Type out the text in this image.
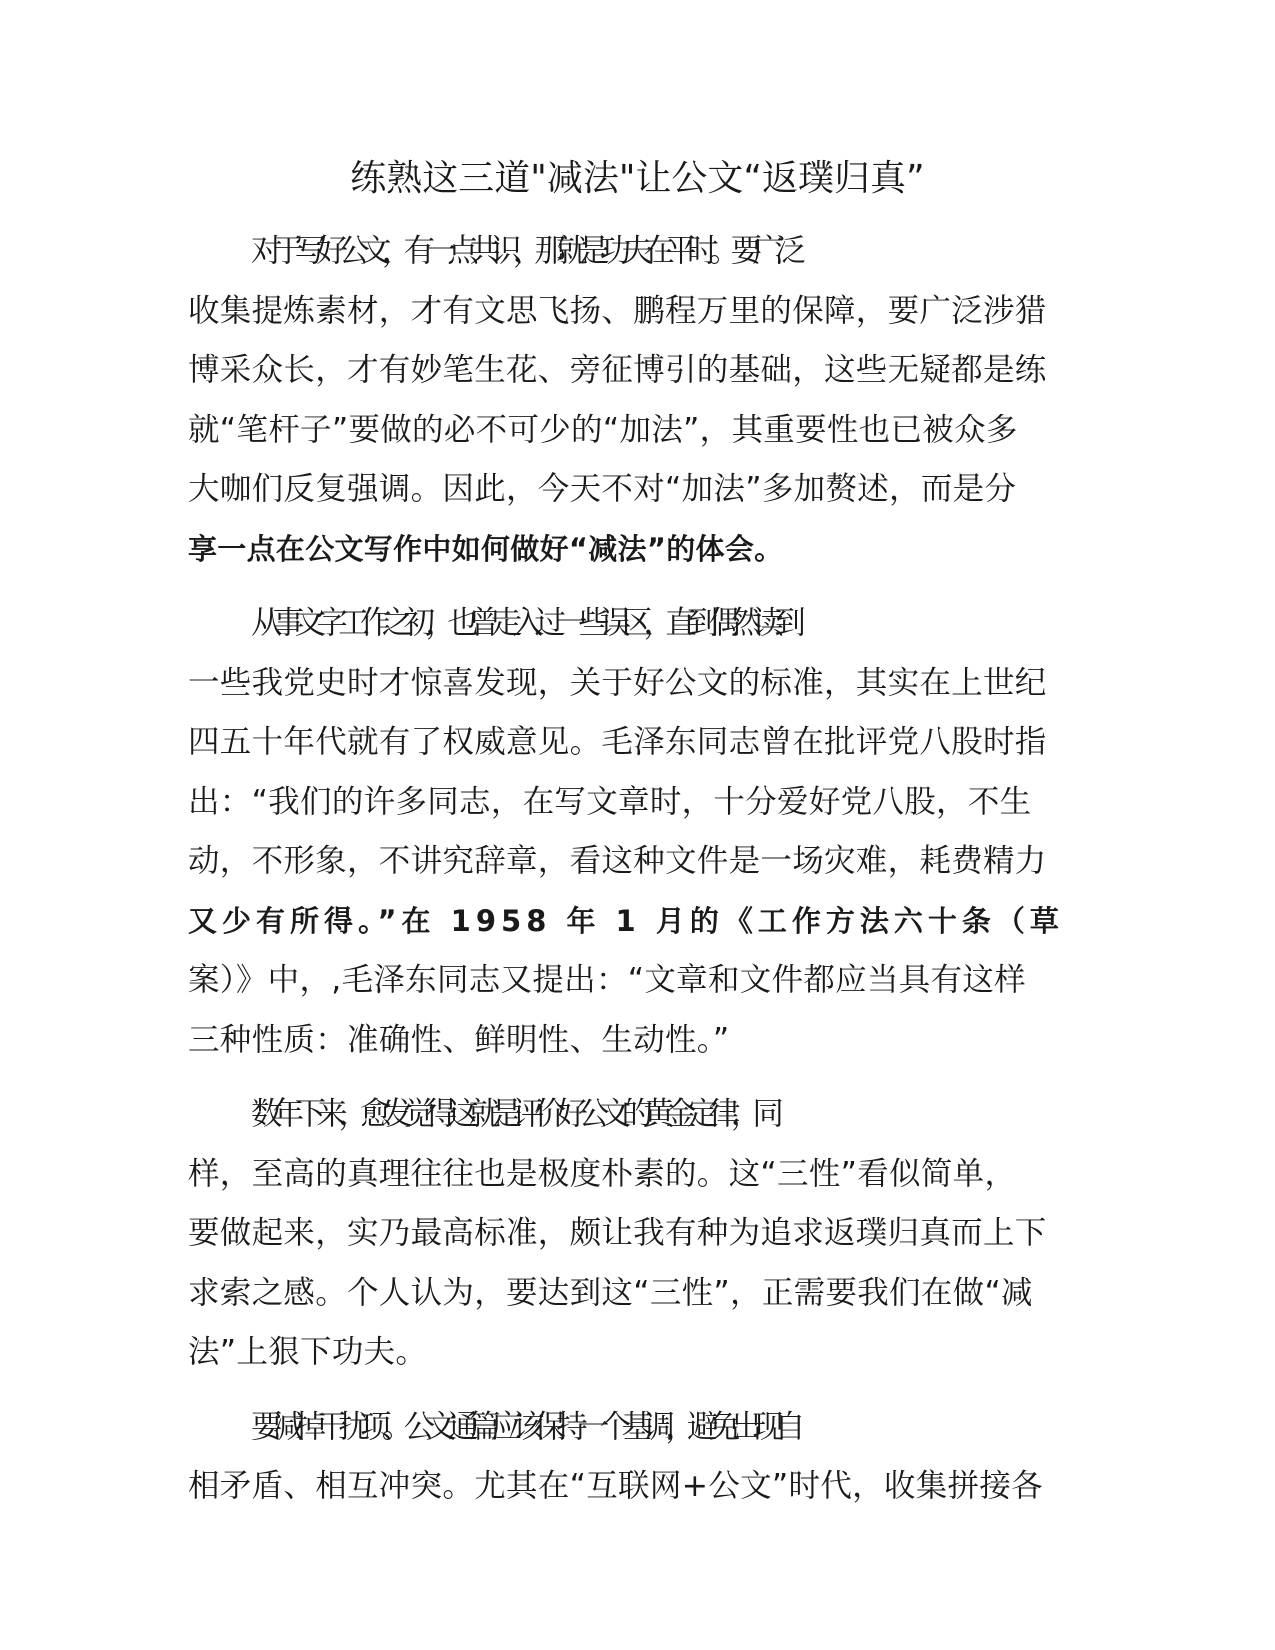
练熟这三道"减法"让公文“返璞归真”
对于写好公文，有一点共识，那就是功夫在平时。要广泛
收集提炼素材，才有文思飞扬、鹏程万里的保障，要广泛涉猎
博采众长，才有妙笔生花、旁征博引的基础，这些无疑都是练
就“笔杆子”要做的必不可少的“加法”，其重要性也已被众多
大咖们反复强调。因此，今天不对“加法”多加赘述，而是分
享一点在公文写作中如何做好“减法”的体会。
从事文字工作之初，也曾走入过一些误区，直到偶然读到
一些我党史时才惊喜发现，关于好公文的标准，其实在上世纪
四五十年代就有了权威意见。毛泽东同志曾在批评党八股时指
出：“我们的许多同志，在写文章时，十分爱好党八股，不生
动，不形象，不讲究辞章，看这种文件是一场灾难，耗费精力
又少有所得。”在 1958 年 1 月的《工作方法六十条（草
案）》中，,毛泽东同志又提出：“文章和文件都应当具有这样
三种性质：准确性、鲜明性、生动性。”
数年下来，愈发觉得这就是评价好公文的黄金定律，同
样，至高的真理往往也是极度朴素的。这“三性”看似简单，
要做起来，实乃最高标准，颇让我有种为追求返璞归真而上下
求索之感。个人认为，要达到这“三性”，正需要我们在做“减
法”上狠下功夫。
要减掉干扰项。公文通篇应该保持一个基调，避免出现自
相矛盾、相互冲突。尤其在“互联网+公文”时代，收集拼接各
